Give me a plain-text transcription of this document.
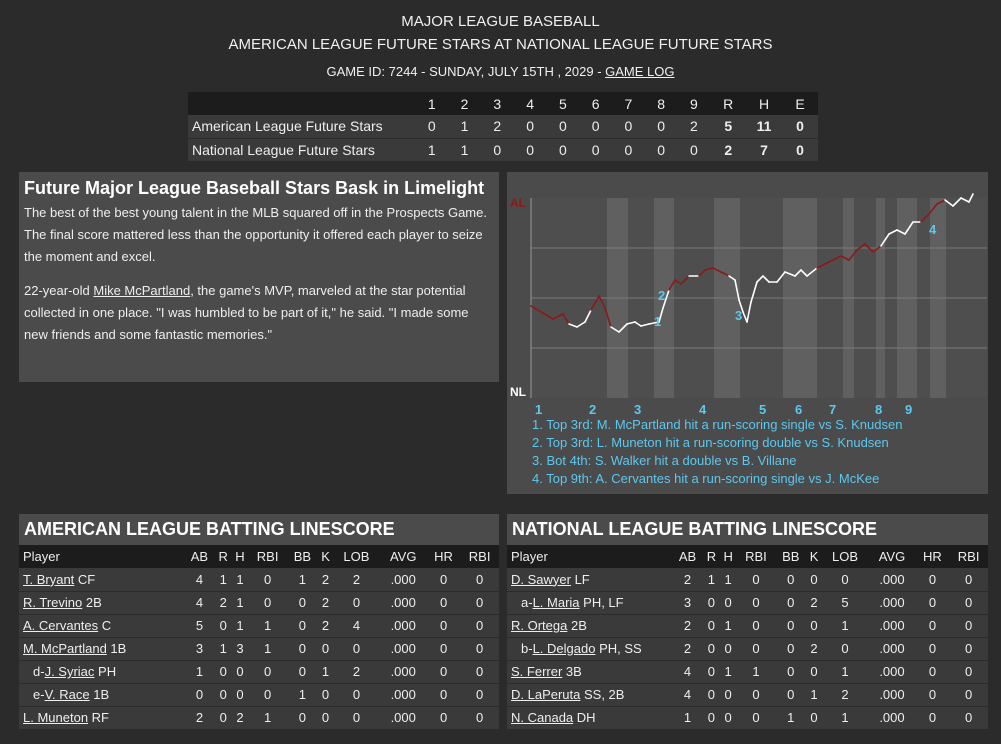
MAJOR LEAGUE BASEBALL
AMERICAN LEAGUE FUTURE STARS AT NATIONAL LEAGUE FUTURE STARS
GAME ID: 7244 - SUNDAY, JULY 15TH , 2029 - GAME LOG
	1	2	3	4	5	6	7	8	9	R	H	E
American League Future Stars	0	1	2	0	0	0	0	0	2	5	11	0
National League Future Stars	1	1	0	0	0	0	0	0	0	2	7	0
Future Major League Baseball Stars Bask in Limelight

The best of the best young talent in the MLB squared off in the Prospects Game. The final score mattered less than the opportunity it offered each player to seize the moment and excel.

22-year-old Mike McPartland, the game's MVP, marveled at the star potential collected in one place. "I was humbled to be part of it," he said. "I made some new friends and some fantastic memories."

AL
NL
1	2	3	4	5 6 7	8 9
1
2
3
4
1. Top 3rd: M. McPartland hit a run-scoring single vs S. Knudsen
2. Top 3rd: L. Muneton hit a run-scoring double vs S. Knudsen
3. Bot 4th: S. Walker hit a double vs B. Villane
4. Top 9th: A. Cervantes hit a run-scoring single vs J. McKee
AMERICAN LEAGUE BATTING LINESCORE
Player	AB	R	H	RBI	BB	K	LOB	AVG	HR	RBI
T. Bryant CF	4	1	1	0	1	2	2	.000	0	0
R. Trevino 2B	4	2	1	0	0	2	0	.000	0	0
A. Cervantes C	5	0	1	1	0	2	4	.000	0	0
M. McPartland 1B	3	1	3	1	0	0	0	.000	0	0
d-J. Syriac PH	1	0	0	0	0	1	2	.000	0	0
e-V. Race 1B	0	0	0	0	1	0	0	.000	0	0
L. Muneton RF	2	0	2	1	0	0	0	.000	0	0
NATIONAL LEAGUE BATTING LINESCORE
Player	AB	R	H	RBI	BB	K	LOB	AVG	HR	RBI
D. Sawyer LF	2	1	1	0	0	0	0	.000	0	0
a-L. Maria PH, LF	3	0	0	0	0	2	5	.000	0	0
R. Ortega 2B	2	0	1	0	0	0	1	.000	0	0
b-L. Delgado PH, SS	2	0	0	0	0	2	0	.000	0	0
S. Ferrer 3B	4	0	1	1	0	0	1	.000	0	0
D. LaPeruta SS, 2B	4	0	0	0	0	1	2	.000	0	0
N. Canada DH	1	0	0	0	1	0	1	.000	0	0
